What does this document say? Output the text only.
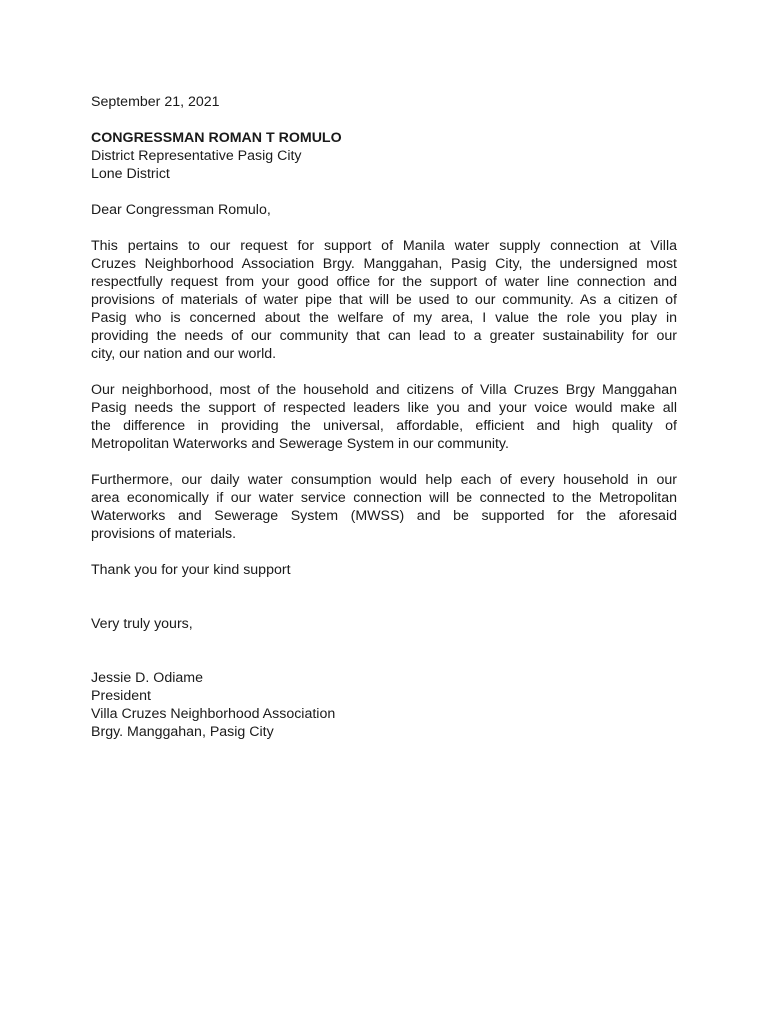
September 21, 2021
CONGRESSMAN ROMAN T ROMULO
District Representative Pasig City
Lone District
Dear Congressman Romulo,
This pertains to our request for support of Manila water supply connection at Villa
Cruzes Neighborhood Association Brgy. Manggahan, Pasig City, the undersigned most
respectfully request from your good office for the support of water line connection and
provisions of materials of water pipe that will be used to our community. As a citizen of
Pasig who is concerned about the welfare of my area, I value the role you play in
providing the needs of our community that can lead to a greater sustainability for our
city, our nation and our world.
Our neighborhood, most of the household and citizens of Villa Cruzes Brgy Manggahan
Pasig needs the support of respected leaders like you and your voice would make all
the difference in providing the universal, affordable, efficient and high quality of
Metropolitan Waterworks and Sewerage System in our community.
Furthermore, our daily water consumption would help each of every household in our
area economically if our water service connection will be connected to the Metropolitan
Waterworks and Sewerage System (MWSS) and be supported for the aforesaid
provisions of materials.
Thank you for your kind support
Very truly yours,
Jessie D. Odiame
President
Villa Cruzes Neighborhood Association
Brgy. Manggahan, Pasig City
